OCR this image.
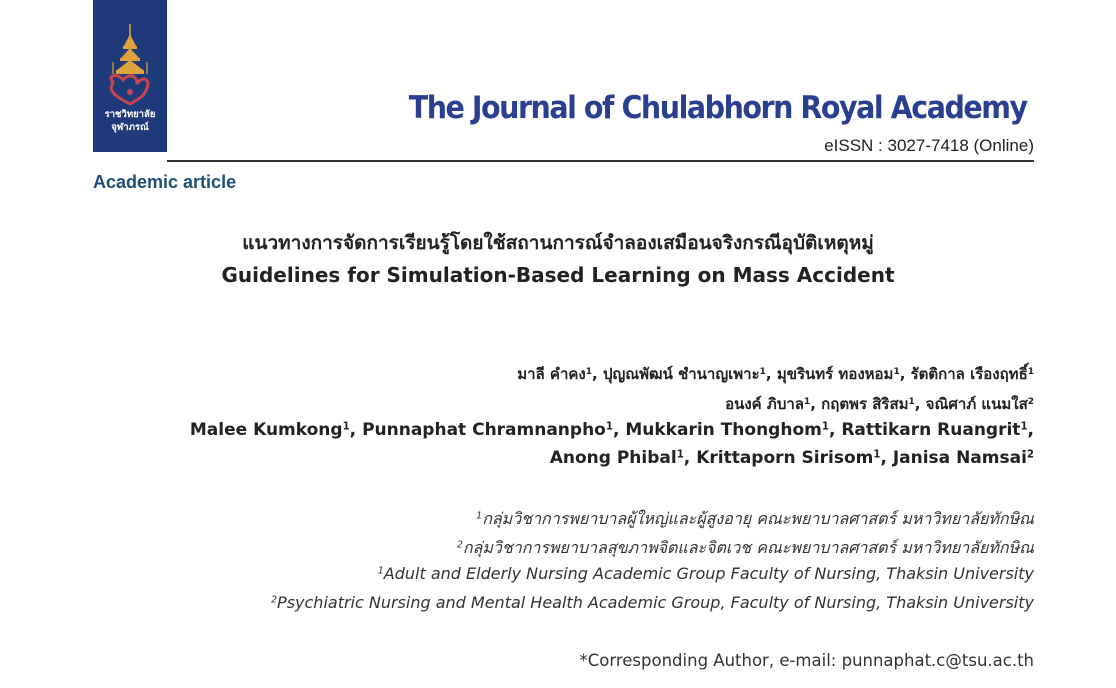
ราชวิทยาลัย
จุฬาภรณ์
The Journal of Chulabhorn Royal Academy
eISSN : 3027-7418 (Online)
Academic article
แนวทางการจัดการเรียนรู้โดยใช้สถานการณ์จำลองเสมือนจริงกรณีอุบัติเหตุหมู่
Guidelines for Simulation-Based Learning on Mass Accident
มาลี คำคง$^1$, ปุญณพัฒน์ ชำนาญเพาะ$^1$, มุขรินทร์ ทองหอม$^1$, รัตติกาล เรืองฤทธิ์$^1$
อนงค์ ภิบาล$^1$, กฤตพร สิริสม$^1$, จณิศาภ์ แนมใส$^2$
Malee Kumkong$^1$, Punnaphat Chramnanpho$^1$, Mukkarin Thonghom$^1$, Rattikarn Ruangrit$^1$,
Anong Phibal$^1$, Krittaporn Sirisom$^1$, Janisa Namsai$^2$
$^1$กลุ่มวิชาการพยาบาลผู้ใหญ่และผู้สูงอายุ คณะพยาบาลศาสตร์ มหาวิทยาลัยทักษิณ
$^2$กลุ่มวิชาการพยาบาลสุขภาพจิตและจิตเวช คณะพยาบาลศาสตร์ มหาวิทยาลัยทักษิณ
$^1$Adult and Elderly Nursing Academic Group Faculty of Nursing, Thaksin University
$^2$Psychiatric Nursing and Mental Health Academic Group, Faculty of Nursing, Thaksin University
*Corresponding Author, e-mail: punnaphat.c@tsu.ac.th
